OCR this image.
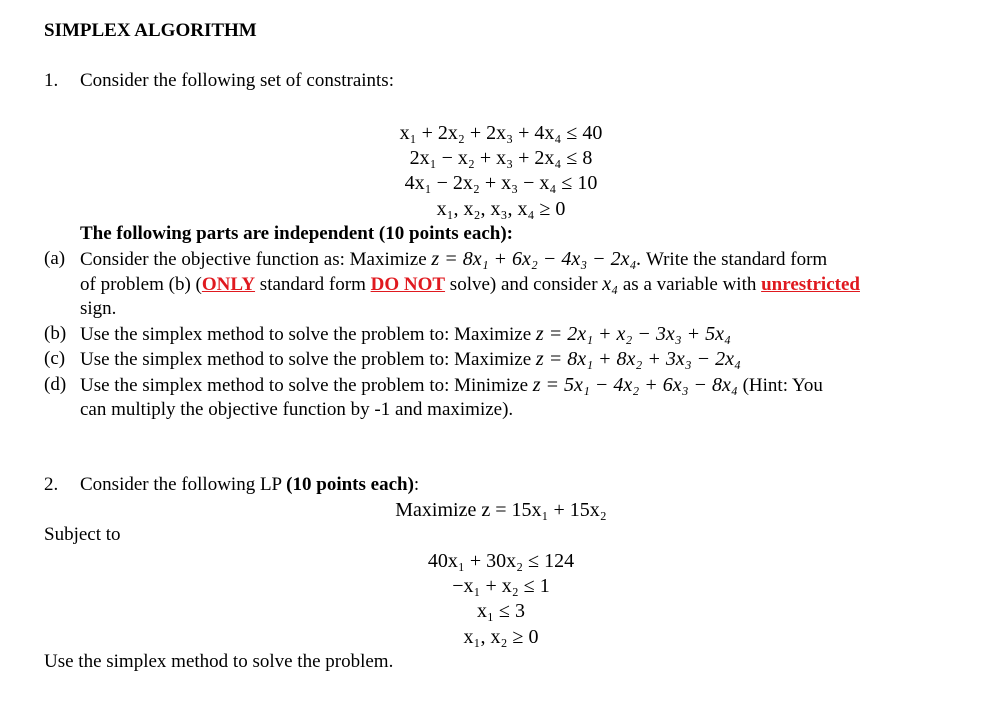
SIMPLEX ALGORITHM
1. Consider the following set of constraints:
x₁ + 2x₂ + 2x₃ + 4x₄ ≤ 40
2x₁ − x₂ + x₃ + 2x₄ ≤ 8
4x₁ − 2x₂ + x₃ − x₄ ≤ 10
x₁, x₂, x₃, x₄ ≥ 0
The following parts are independent (10 points each):
(a) Consider the objective function as: Maximize z = 8x₁ + 6x₂ − 4x₃ − 2x₄. Write the standard form
of problem (b) (ONLY standard form DO NOT solve) and consider x₄ as a variable with unrestricted
sign.
(b) Use the simplex method to solve the problem to: Maximize z = 2x₁ + x₂ − 3x₃ + 5x₄
(c) Use the simplex method to solve the problem to: Maximize z = 8x₁ + 8x₂ + 3x₃ − 2x₄
(d) Use the simplex method to solve the problem to: Minimize z = 5x₁ − 4x₂ + 6x₃ − 8x₄ (Hint: You
can multiply the objective function by -1 and maximize).
2. Consider the following LP (10 points each):
Maximize z = 15x₁ + 15x₂
Subject to
40x₁ + 30x₂ ≤ 124
−x₁ + x₂ ≤ 1
x₁ ≤ 3
x₁, x₂ ≥ 0
Use the simplex method to solve the problem.
